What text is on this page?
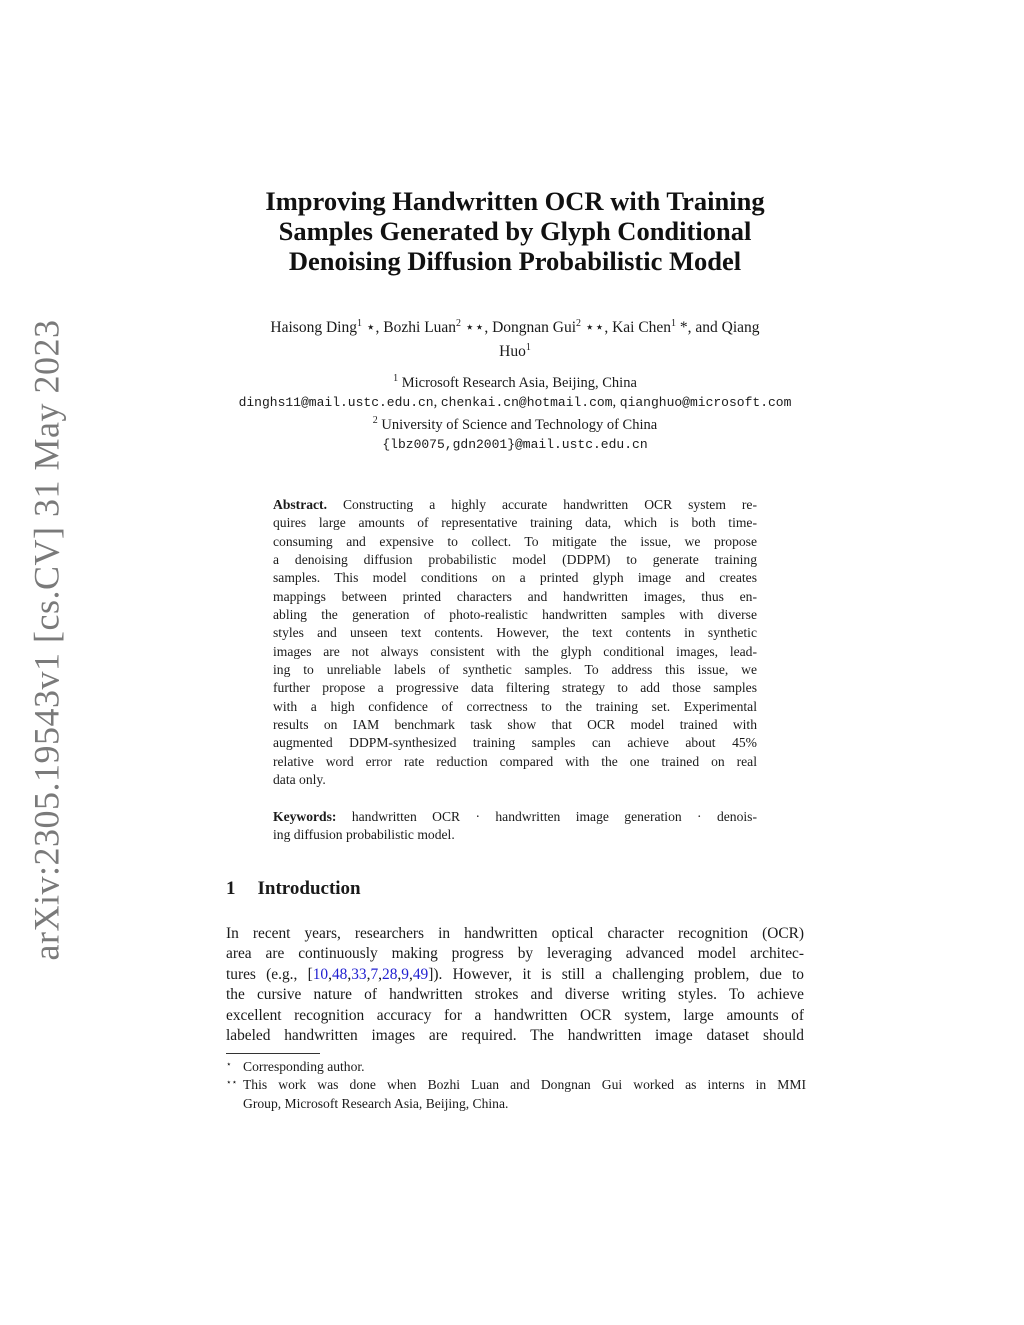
arXiv:2305.19543v1 [cs.CV] 31 May 2023
Improving Handwritten OCR with Training
Samples Generated by Glyph Conditional
Denoising Diffusion Probabilistic Model
Haisong Ding$^1$ ⋆, Bozhi Luan$^2$ ⋆⋆, Dongnan Gui$^2$ ⋆⋆, Kai Chen$^1$ *, and Qiang
Huo$^1$
$^1$ Microsoft Research Asia, Beijing, China
dinghs11@mail.ustc.edu.cn, chenkai.cn@hotmail.com, qianghuo@microsoft.com
$^2$ University of Science and Technology of China
{lbz0075,gdn2001}@mail.ustc.edu.cn
Abstract. Constructing a highly accurate handwritten OCR system re-
quires large amounts of representative training data, which is both time-
consuming and expensive to collect. To mitigate the issue, we propose
a denoising diffusion probabilistic model (DDPM) to generate training
samples. This model conditions on a printed glyph image and creates
mappings between printed characters and handwritten images, thus en-
abling the generation of photo-realistic handwritten samples with diverse
styles and unseen text contents. However, the text contents in synthetic
images are not always consistent with the glyph conditional images, lead-
ing to unreliable labels of synthetic samples. To address this issue, we
further propose a progressive data filtering strategy to add those samples
with a high confidence of correctness to the training set. Experimental
results on IAM benchmark task show that OCR model trained with
augmented DDPM-synthesized training samples can achieve about 45%
relative word error rate reduction compared with the one trained on real
data only.
Keywords: handwritten OCR · handwritten image generation · denois-
ing diffusion probabilistic model.
1 Introduction
In recent years, researchers in handwritten optical character recognition (OCR)
area are continuously making progress by leveraging advanced model architec-
tures (e.g., [10,48,33,7,28,9,49]). However, it is still a challenging problem, due to
the cursive nature of handwritten strokes and diverse writing styles. To achieve
excellent recognition accuracy for a handwritten OCR system, large amounts of
labeled handwritten images are required. The handwritten image dataset should
⋆ Corresponding author.
⋆⋆ This work was done when Bozhi Luan and Dongnan Gui worked as interns in MMI
Group, Microsoft Research Asia, Beijing, China.
